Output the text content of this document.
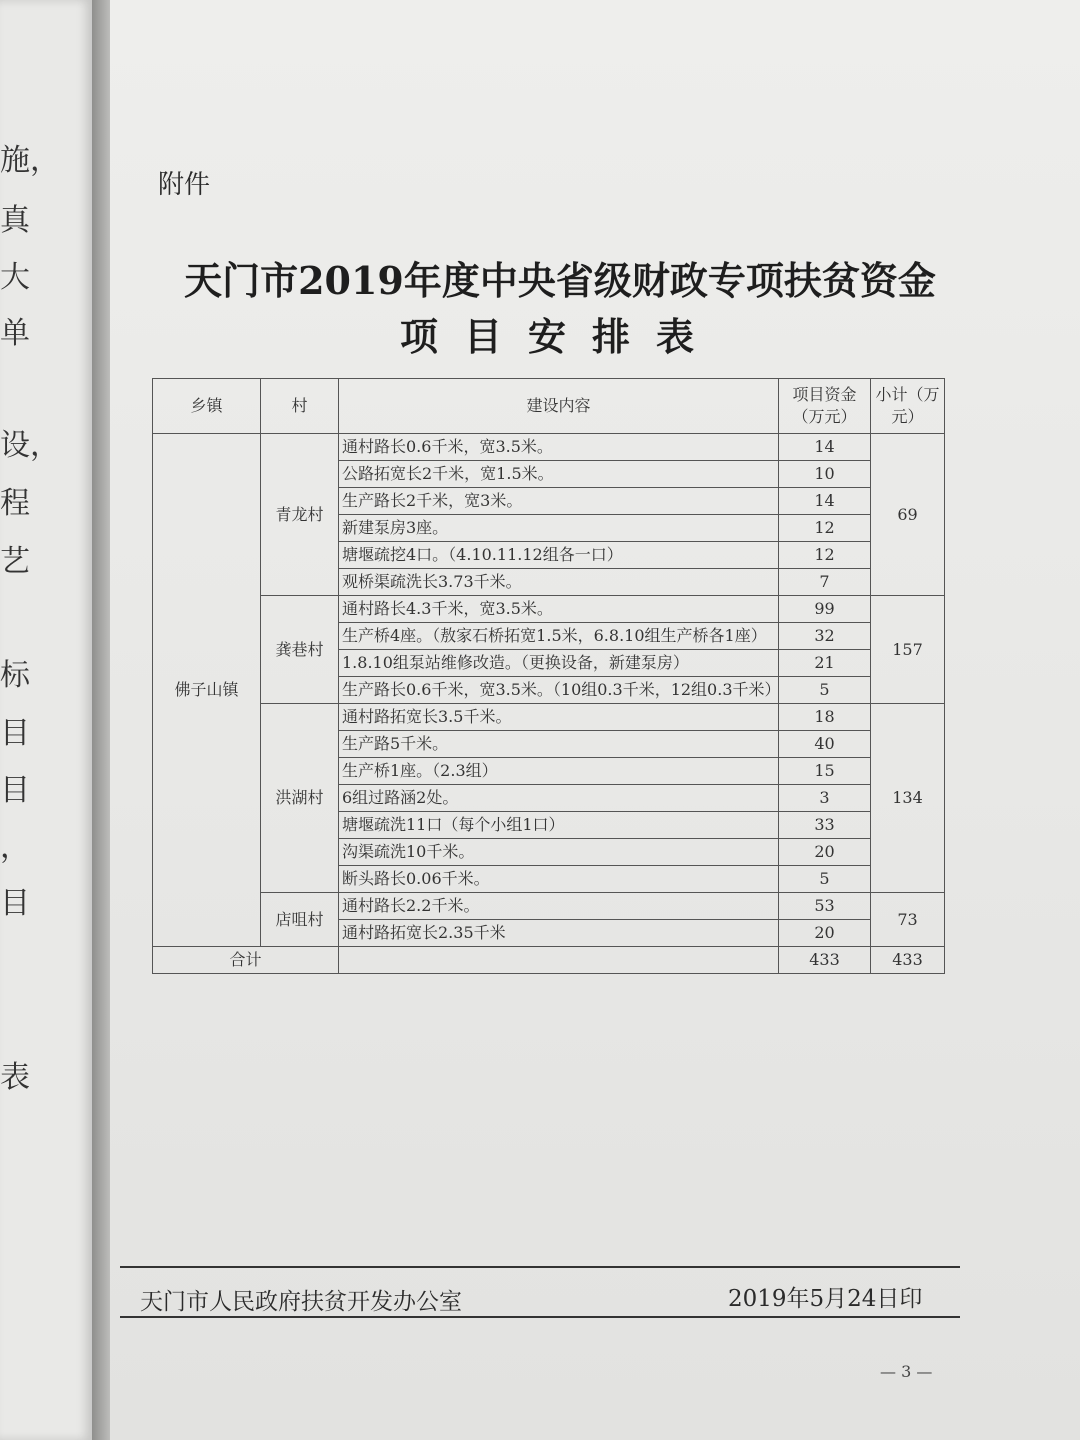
施，
真
大
单
设，
程
艺
标
目
目
，
目
表
附件
天门市2019年度中央省级财政专项扶贫资金
项目安排表
乡镇	村	建设内容	项目资金（万元）	小计（万元）
佛子山镇	青龙村	通村路长0.6千米，宽3.5米。	14	69
		公路拓宽长2千米，宽1.5米。	10	
		生产路长2千米，宽3米。	14	
		新建泵房3座。	12	
		塘堰疏挖4口。（4.10.11.12组各一口）	12	
		观桥渠疏洗长3.73千米。	7	
	龚巷村	通村路长4.3千米，宽3.5米。	99	157
		生产桥4座。（敖家石桥拓宽1.5米，6.8.10组生产桥各1座）	32	
		1.8.10组泵站维修改造。（更换设备，新建泵房）	21	
		生产路长0.6千米，宽3.5米。（10组0.3千米，12组0.3千米）	5	
	洪湖村	通村路拓宽长3.5千米。	18	134
		生产路5千米。	40	
		生产桥1座。（2.3组）	15	
		6组过路涵2处。	3	
		塘堰疏洗11口（每个小组1口）	33	
		沟渠疏洗10千米。	20	
		断头路长0.06千米。	5	
	店咀村	通村路长2.2千米。	53	73
		通村路拓宽长2.35千米	20	
合计			433	433
天门市人民政府扶贫开发办公室	2019年5月24日印
— 3 —
